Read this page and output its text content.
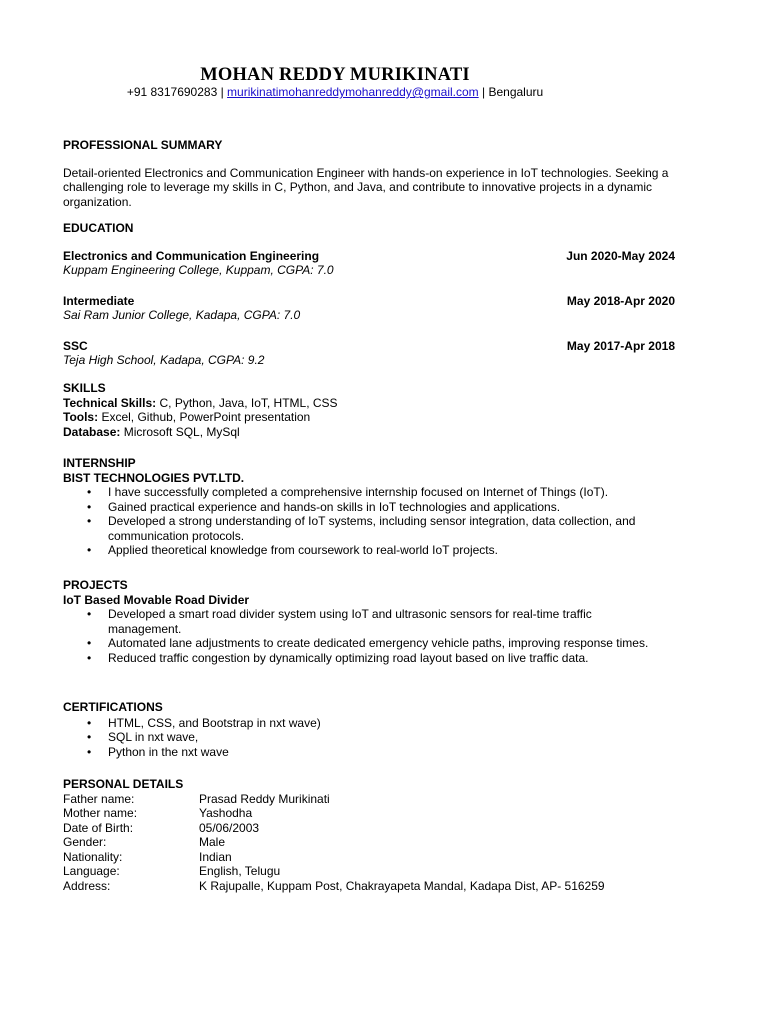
MOHAN REDDY MURIKINATI
+91 8317690283 | murikinatimohanreddymohanreddy@gmail.com | Bengaluru
PROFESSIONAL SUMMARY
Detail-oriented Electronics and Communication Engineer with hands-on experience in IoT technologies. Seeking a challenging role to leverage my skills in C, Python, and Java, and contribute to innovative projects in a dynamic organization.
EDUCATION
Electronics and Communication Engineering	Jun 2020-May 2024
Kuppam Engineering College, Kuppam, CGPA: 7.0
Intermediate	May 2018-Apr 2020
Sai Ram Junior College, Kadapa, CGPA: 7.0
SSC	May 2017-Apr 2018
Teja High School, Kadapa, CGPA: 9.2
SKILLS
Technical Skills: C, Python, Java, IoT, HTML, CSS
Tools: Excel, Github, PowerPoint presentation
Database: Microsoft SQL, MySql
INTERNSHIP
BIST TECHNOLOGIES PVT.LTD.
• I have successfully completed a comprehensive internship focused on Internet of Things (IoT).
• Gained practical experience and hands-on skills in IoT technologies and applications.
• Developed a strong understanding of IoT systems, including sensor integration, data collection, and communication protocols.
• Applied theoretical knowledge from coursework to real-world IoT projects.
PROJECTS
IoT Based Movable Road Divider
• Developed a smart road divider system using IoT and ultrasonic sensors for real-time traffic management.
• Automated lane adjustments to create dedicated emergency vehicle paths, improving response times.
• Reduced traffic congestion by dynamically optimizing road layout based on live traffic data.
CERTIFICATIONS
• HTML, CSS, and Bootstrap in nxt wave)
• SQL in nxt wave,
• Python in the nxt wave
PERSONAL DETAILS
Father name:	Prasad Reddy Murikinati
Mother name:	Yashodha
Date of Birth:	05/06/2003
Gender:	Male
Nationality:	Indian
Language:	English, Telugu
Address:	K Rajupalle, Kuppam Post, Chakrayapeta Mandal, Kadapa Dist, AP- 516259
